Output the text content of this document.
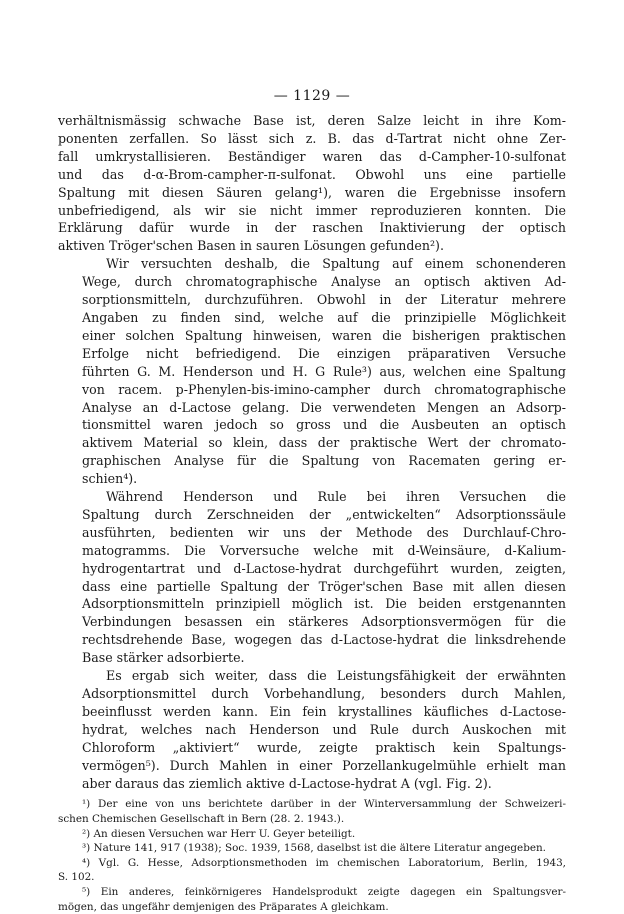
— 1129 —
verhältnismässig schwache Base ist, deren Salze leicht in ihre Kom-
ponenten zerfallen. So lässt sich z. B. das d-Tartrat nicht ohne Zer-
fall umkrystallisieren. Beständiger waren das d-Campher-10-sulfonat
und das d-α-Brom-campher-π-sulfonat. Obwohl uns eine partielle
Spaltung mit diesen Säuren gelang¹), waren die Ergebnisse insofern
unbefriedigend, als wir sie nicht immer reproduzieren konnten. Die
Erklärung dafür wurde in der raschen Inaktivierung der optisch
aktiven Tröger'schen Basen in sauren Lösungen gefunden²).
Wir versuchten deshalb, die Spaltung auf einem schonenderen
Wege, durch chromatographische Analyse an optisch aktiven Ad-
sorptionsmitteln, durchzuführen. Obwohl in der Literatur mehrere
Angaben zu finden sind, welche auf die prinzipielle Möglichkeit
einer solchen Spaltung hinweisen, waren die bisherigen praktischen
Erfolge nicht befriedigend. Die einzigen präparativen Versuche
führten G. M. Henderson und H. G Rule³) aus, welchen eine Spaltung
von racem. p-Phenylen-bis-imino-campher durch chromatographische
Analyse an d-Lactose gelang. Die verwendeten Mengen an Adsorp-
tionsmittel waren jedoch so gross und die Ausbeuten an optisch
aktivem Material so klein, dass der praktische Wert der chromato-
graphischen Analyse für die Spaltung von Racematen gering er-
schien⁴).
Während Henderson und Rule bei ihren Versuchen die
Spaltung durch Zerschneiden der „entwickelten“ Adsorptionssäule
ausführten, bedienten wir uns der Methode des Durchlauf-Chro-
matogramms. Die Vorversuche welche mit d-Weinsäure, d-Kalium-
hydrogentartrat und d-Lactose-hydrat durchgeführt wurden, zeigten,
dass eine partielle Spaltung der Tröger'schen Base mit allen diesen
Adsorptionsmitteln prinzipiell möglich ist. Die beiden erstgenannten
Verbindungen besassen ein stärkeres Adsorptionsvermögen für die
rechtsdrehende Base, wogegen das d-Lactose-hydrat die linksdrehende
Base stärker adsorbierte.
Es ergab sich weiter, dass die Leistungsfähigkeit der erwähnten
Adsorptionsmittel durch Vorbehandlung, besonders durch Mahlen,
beeinflusst werden kann. Ein fein krystallines käufliches d-Lactose-
hydrat, welches nach Henderson und Rule durch Auskochen mit
Chloroform „aktiviert“ wurde, zeigte praktisch kein Spaltungs-
vermögen⁵). Durch Mahlen in einer Porzellankugelmühle erhielt man
aber daraus das ziemlich aktive d-Lactose-hydrat A (vgl. Fig. 2).
¹) Der eine von uns berichtete darüber in der Winterversammlung der Schweizeri-
schen Chemischen Gesellschaft in Bern (28. 2. 1943.).
²) An diesen Versuchen war Herr U. Geyer beteiligt.
³) Nature 141, 917 (1938); Soc. 1939, 1568, daselbst ist die ältere Literatur angegeben.
⁴) Vgl. G. Hesse, Adsorptionsmethoden im chemischen Laboratorium, Berlin, 1943,
S. 102.
⁵) Ein anderes, feinkörnigeres Handelsprodukt zeigte dagegen ein Spaltungsver-
mögen, das ungefähr demjenigen des Präparates A gleichkam.
